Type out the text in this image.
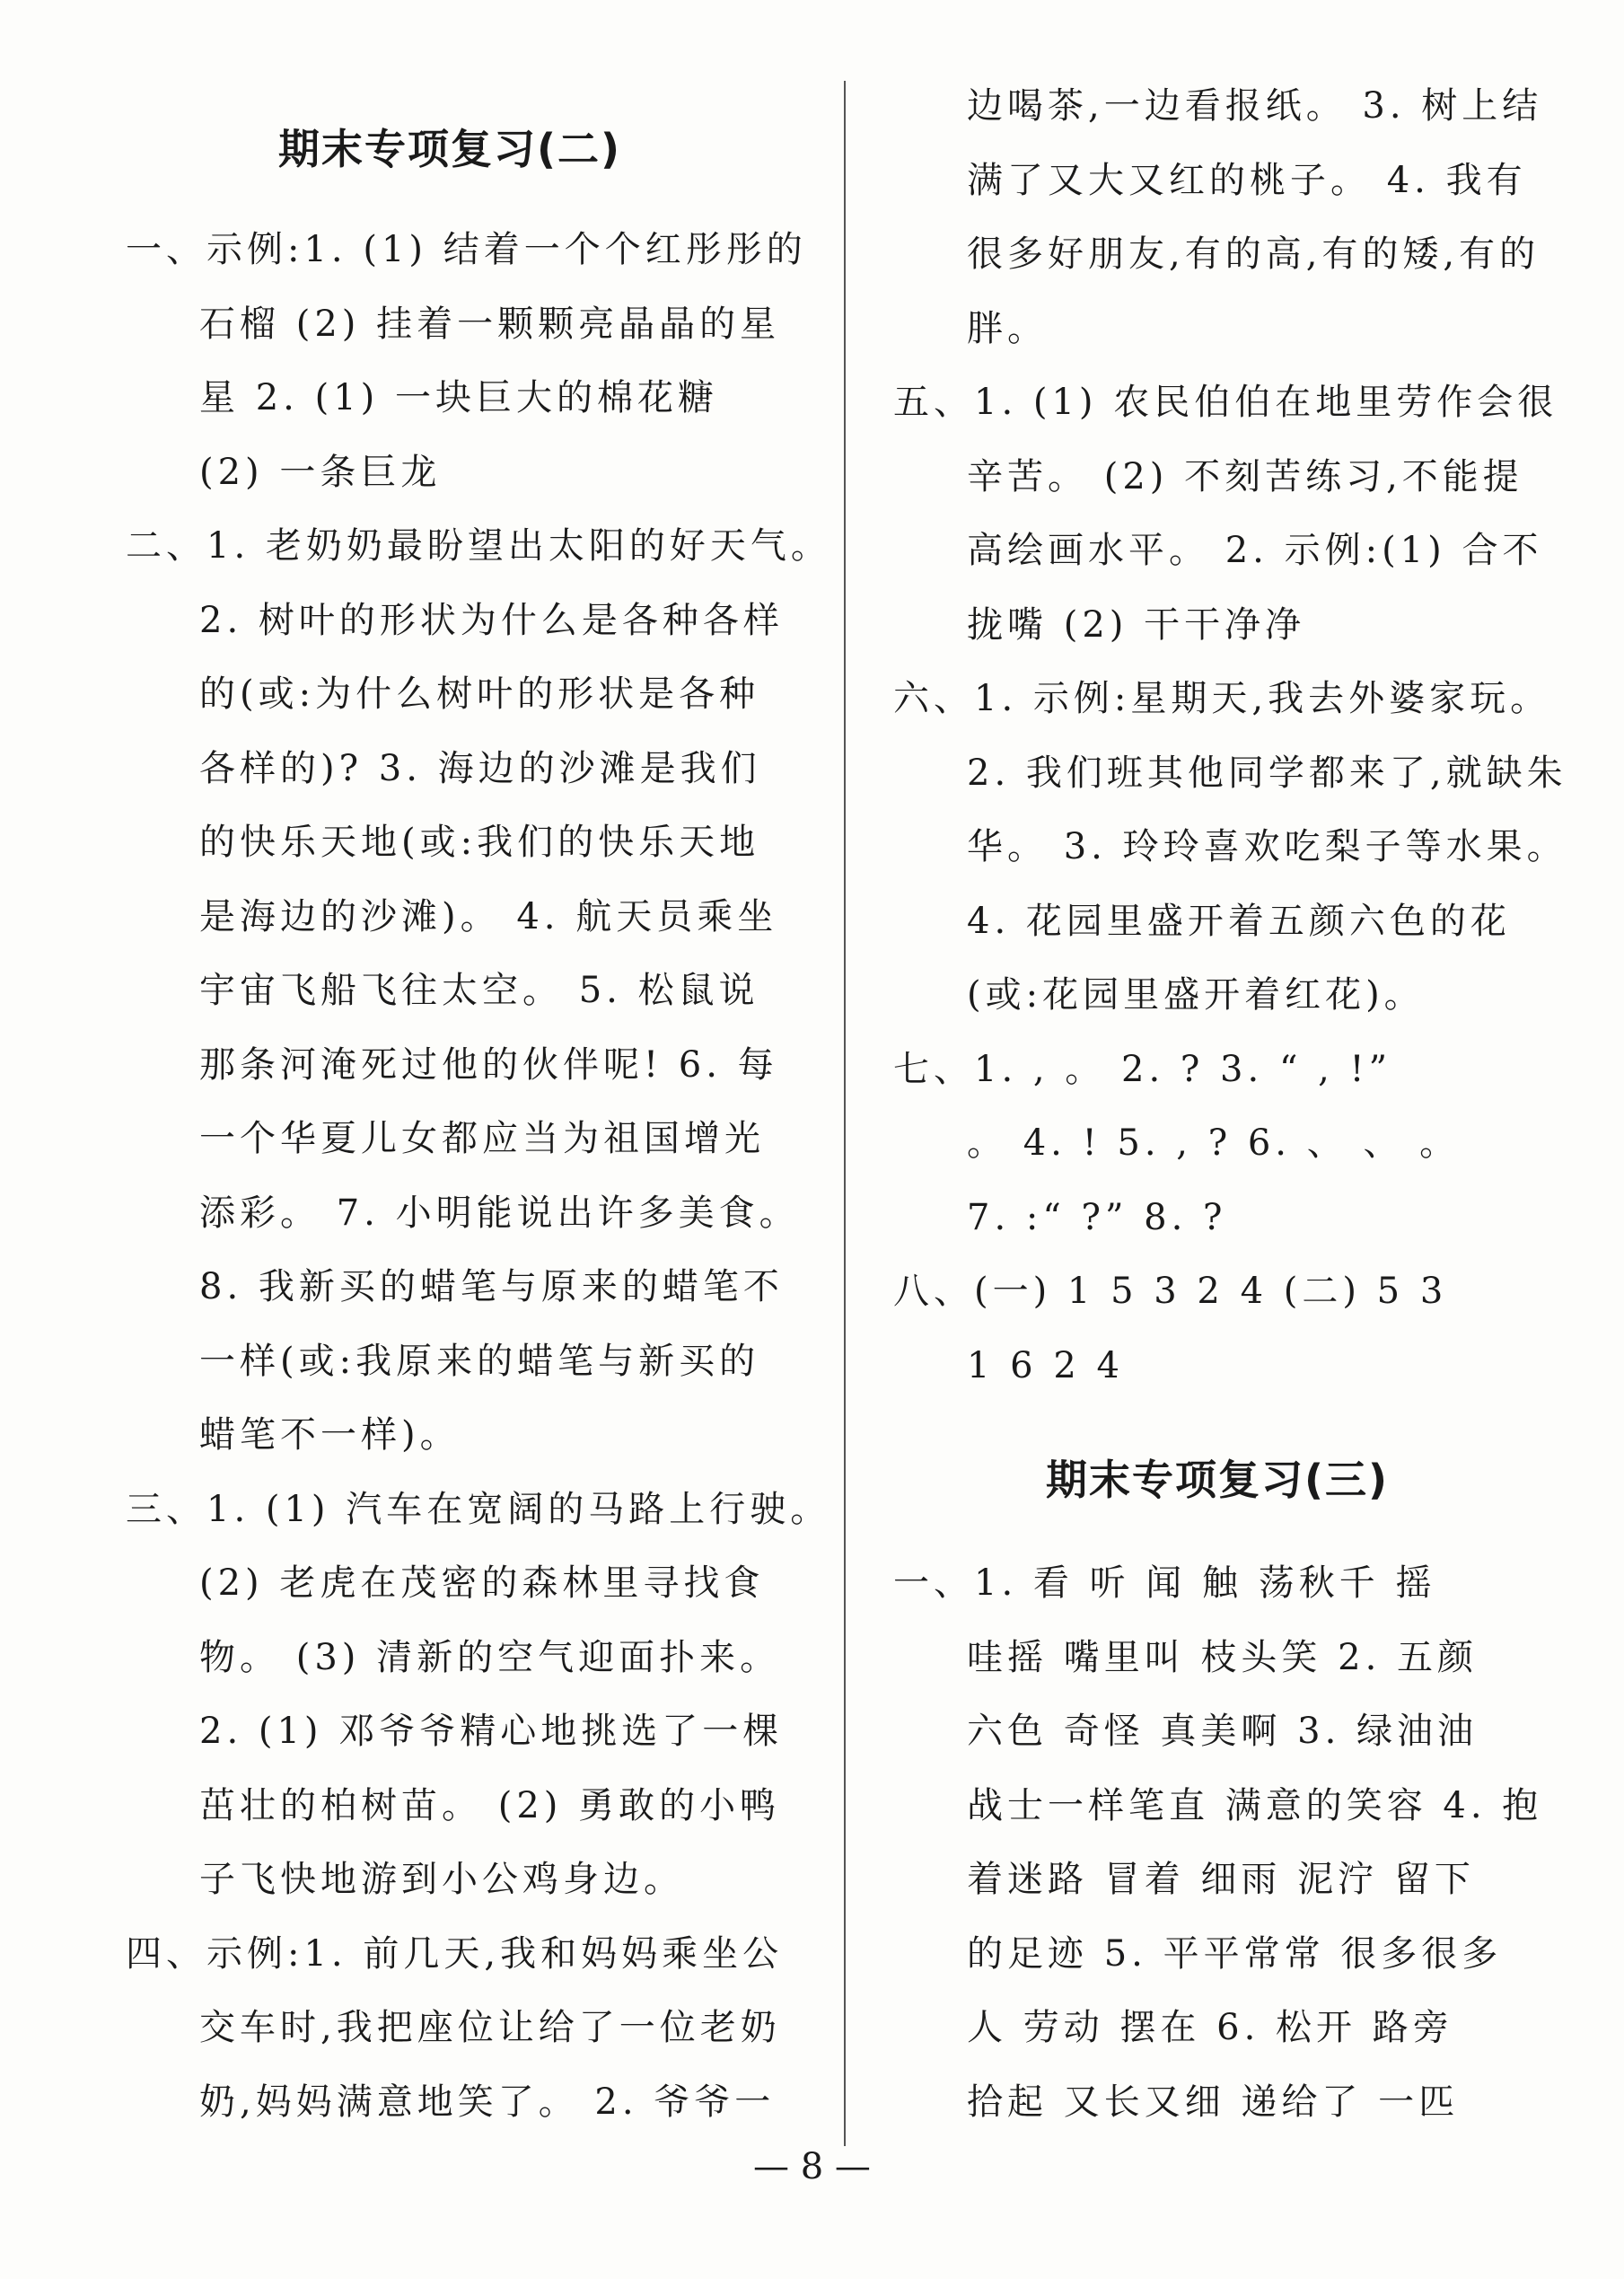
期末专项复习(二)
一、示例:1. (1) 结着一个个红彤彤的
石榴 (2) 挂着一颗颗亮晶晶的星
星 2. (1) 一块巨大的棉花糖
(2) 一条巨龙
二、1. 老奶奶最盼望出太阳的好天气。
2. 树叶的形状为什么是各种各样
的(或:为什么树叶的形状是各种
各样的)? 3. 海边的沙滩是我们
的快乐天地(或:我们的快乐天地
是海边的沙滩)。 4. 航天员乘坐
宇宙飞船飞往太空。 5. 松鼠说
那条河淹死过他的伙伴呢! 6. 每
一个华夏儿女都应当为祖国增光
添彩。 7. 小明能说出许多美食。
8. 我新买的蜡笔与原来的蜡笔不
一样(或:我原来的蜡笔与新买的
蜡笔不一样)。
三、1. (1) 汽车在宽阔的马路上行驶。
(2) 老虎在茂密的森林里寻找食
物。 (3) 清新的空气迎面扑来。
2. (1) 邓爷爷精心地挑选了一棵
茁壮的柏树苗。 (2) 勇敢的小鸭
子飞快地游到小公鸡身边。
四、示例:1. 前几天,我和妈妈乘坐公
交车时,我把座位让给了一位老奶
奶,妈妈满意地笑了。 2. 爷爷一
边喝茶,一边看报纸。 3. 树上结
满了又大又红的桃子。 4. 我有
很多好朋友,有的高,有的矮,有的
胖。
五、1. (1) 农民伯伯在地里劳作会很
辛苦。 (2) 不刻苦练习,不能提
高绘画水平。 2. 示例:(1) 合不
拢嘴 (2) 干干净净
六、1. 示例:星期天,我去外婆家玩。
2. 我们班其他同学都来了,就缺朱
华。 3. 玲玲喜欢吃梨子等水果。
4. 花园里盛开着五颜六色的花
(或:花园里盛开着红花)。
七、1. , 。 2. ? 3. “ , !”
。 4. ! 5. , ? 6. 、 、 。
7. :“ ?” 8. ?
八、(一) 1 5 3 2 4 (二) 5 3
1 6 2 4
期末专项复习(三)
一、1. 看 听 闻 触 荡秋千 摇
哇摇 嘴里叫 枝头笑 2. 五颜
六色 奇怪 真美啊 3. 绿油油
战士一样笔直 满意的笑容 4. 抱
着迷路 冒着 细雨 泥泞 留下
的足迹 5. 平平常常 很多很多
人 劳动 摆在 6. 松开 路旁
拾起 又长又细 递给了 一匹
— 8 —
